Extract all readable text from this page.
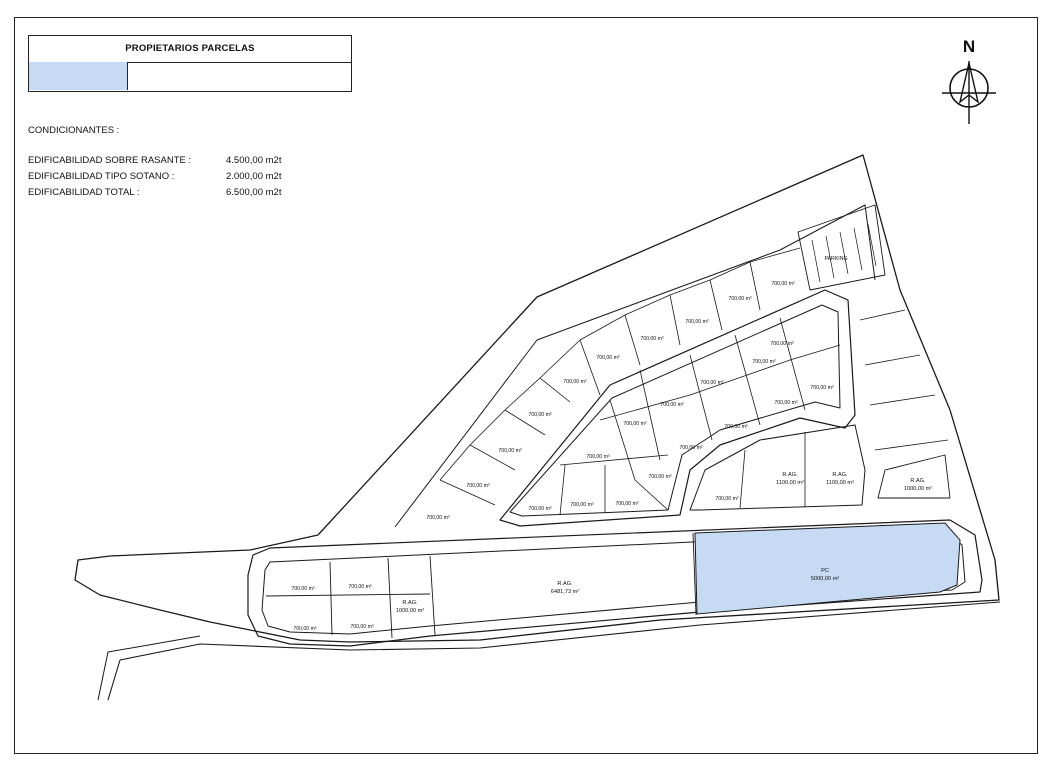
PROPIETARIOS PARCELAS
CONDICIONANTES :
EDIFICABILIDAD SOBRE RASANTE :	4.500,00 m2t
EDIFICABILIDAD TIPO SOTANO :	2.000,00 m2t
EDIFICABILIDAD TOTAL :	6.500,00 m2t
N
700,00 m²
700,00 m²
700,00 m²
700,00 m²
700,00 m²
700,00 m²
700,00 m²
700,00 m²
700,00 m²
700,00 m²
700,00 m²
700,00 m²
700,00 m²
700,00 m²
700,00 m²	700,00 m²
700,00 m²	700,00 m²
700,00 m²
700,00 m²
700,00 m²
700,00 m²
700,00 m²	700,00 m²
700,00 m²
700,00 m²	700,00 m²
700,00 m²	700,00 m²
R.AG.
1100,00 m²
R.AG.
1100,00 m²	R.AG.
1000,00 m²
R.AG.
1000,00 m²
R.AG.
6481,73 m²
PC
5000,00 m²
PARKING
